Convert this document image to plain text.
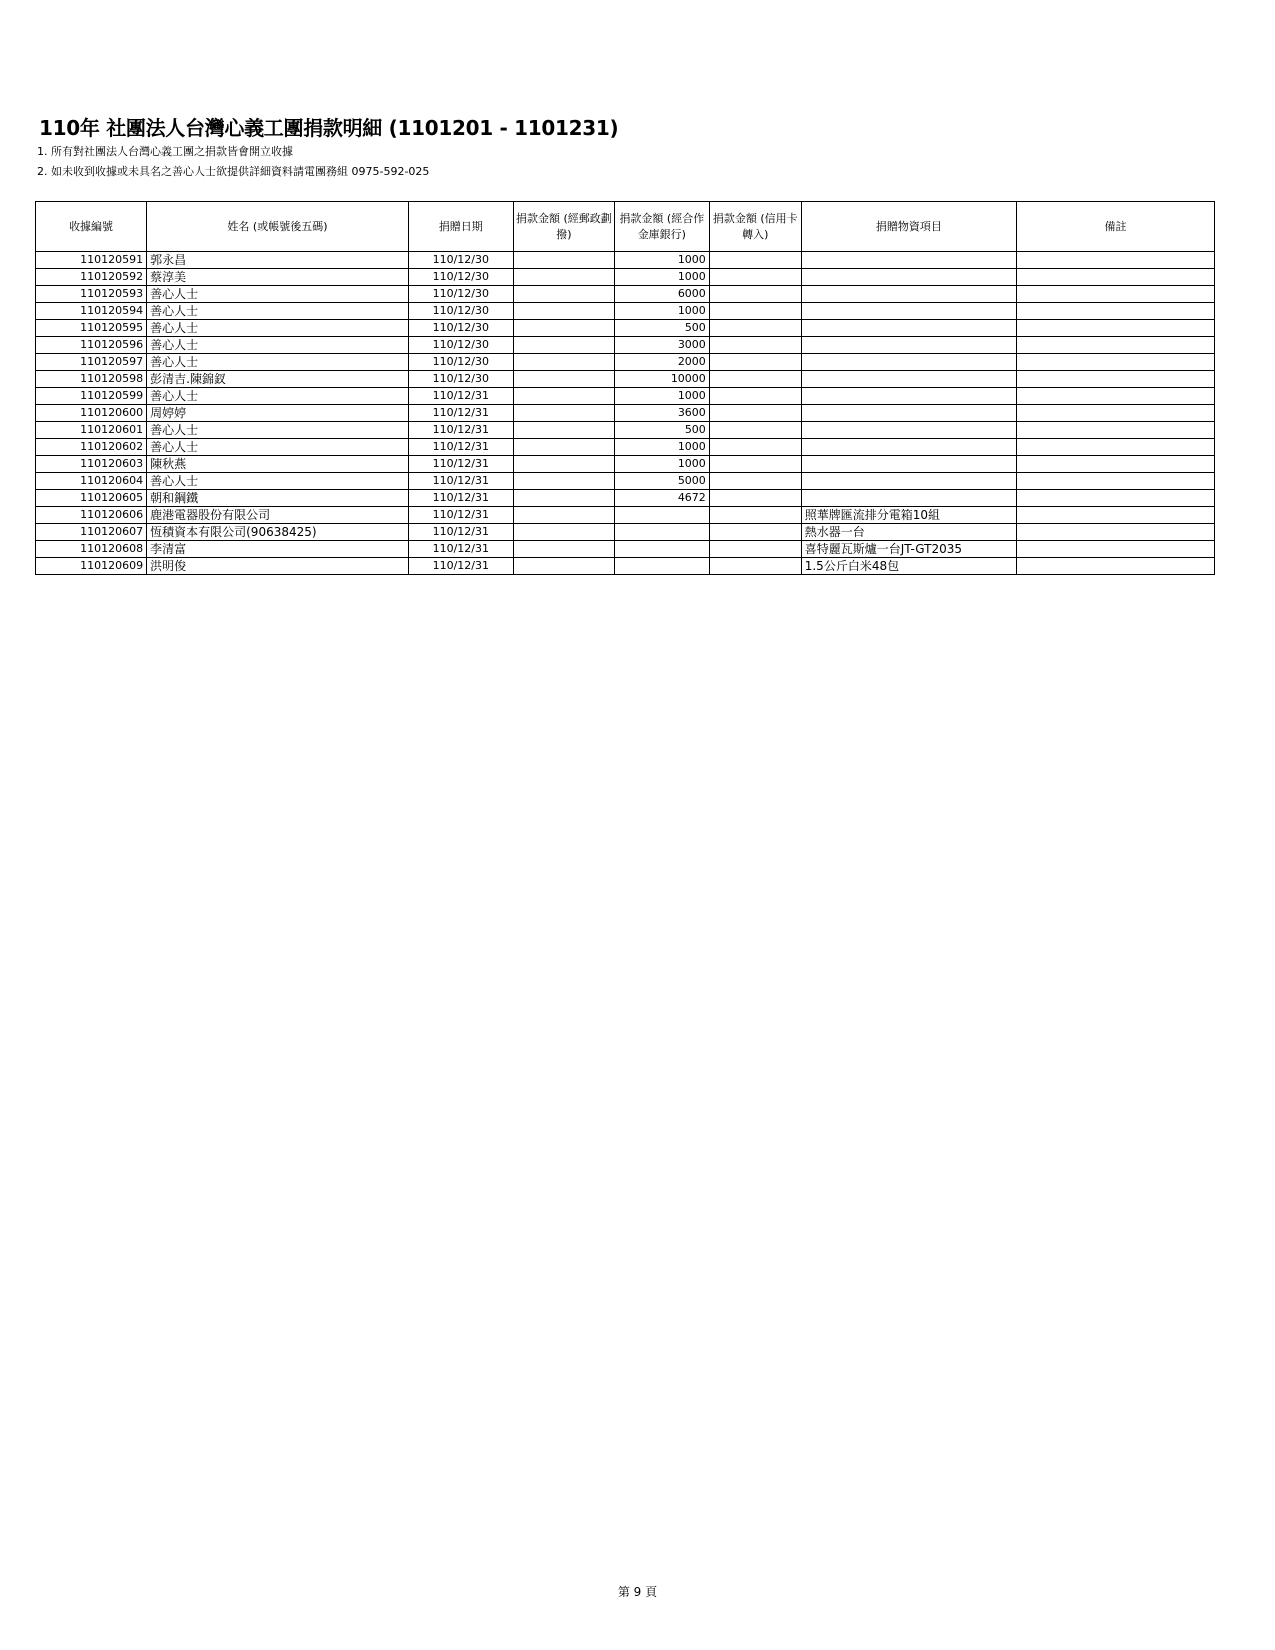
110年 社團法人台灣心義工團捐款明細 (1101201 - 1101231)
1. 所有對社團法人台灣心義工團之捐款皆會開立收據
2. 如未收到收據或未具名之善心人士欲提供詳細資料請電團務組 0975-592-025
收據編號	姓名 (或帳號後五碼)	捐贈日期	捐款金額 (經郵政劃撥)	捐款金額 (經合作金庫銀行)	捐款金額 (信用卡轉入)	捐贈物資項目	備註
110120591	郭永昌	110/12/30		1000			
110120592	蔡淳美	110/12/30		1000			
110120593	善心人士	110/12/30		6000			
110120594	善心人士	110/12/30		1000			
110120595	善心人士	110/12/30		500			
110120596	善心人士	110/12/30		3000			
110120597	善心人士	110/12/30		2000			
110120598	彭清吉.陳錦釵	110/12/30		10000			
110120599	善心人士	110/12/31		1000			
110120600	周婷婷	110/12/31		3600			
110120601	善心人士	110/12/31		500			
110120602	善心人士	110/12/31		1000			
110120603	陳秋燕	110/12/31		1000			
110120604	善心人士	110/12/31		5000			
110120605	朝和鋼鐵	110/12/31		4672			
110120606	鹿港電器股份有限公司	110/12/31				照華牌匯流排分電箱10組	
110120607	恆積資本有限公司(90638425)	110/12/31				熱水器一台	
110120608	李清富	110/12/31				喜特麗瓦斯爐一台JT-GT2035	
110120609	洪明俊	110/12/31				1.5公斤白米48包	
第 9 頁
